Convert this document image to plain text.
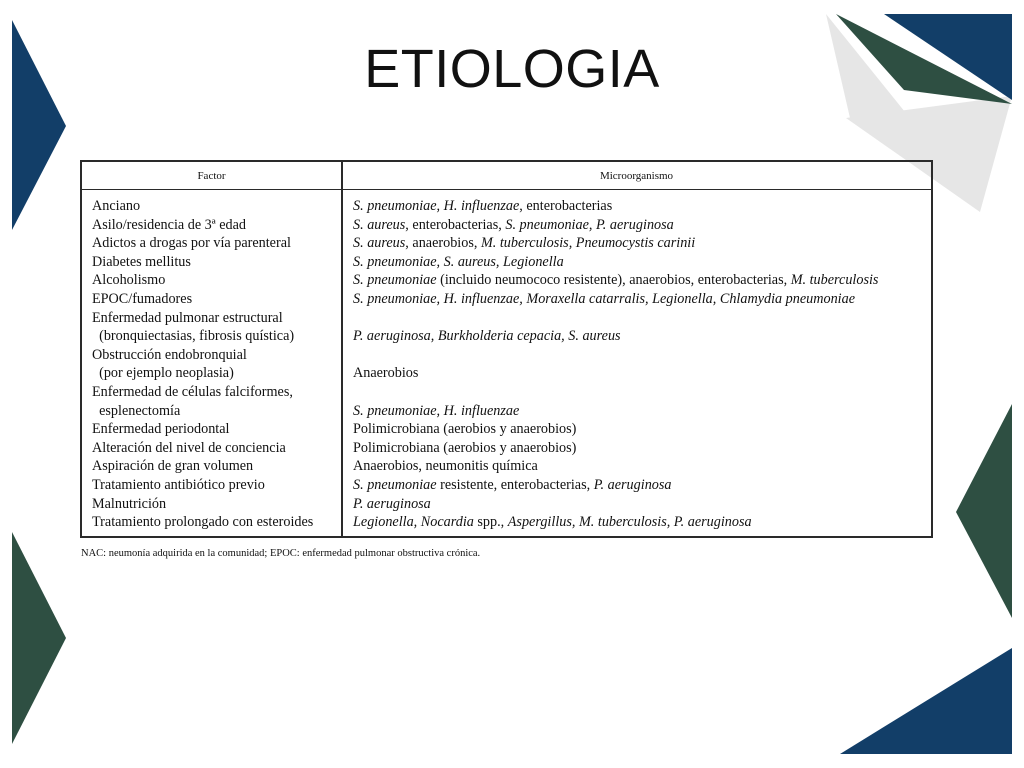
ETIOLOGIA
Factor	Microorganismo
Anciano	S. pneumoniae, H. influenzae, enterobacterias
Asilo/residencia de 3ª edad	S. aureus, enterobacterias, S. pneumoniae, P. aeruginosa
Adictos a drogas por vía parenteral	S. aureus, anaerobios, M. tuberculosis, Pneumocystis carinii
Diabetes mellitus	S. pneumoniae, S. aureus, Legionella
Alcoholismo	S. pneumoniae (incluido neumococo resistente), anaerobios, enterobacterias, M. tuberculosis
EPOC/fumadores	S. pneumoniae, H. influenzae, Moraxella catarralis, Legionella, Chlamydia pneumoniae
Enfermedad pulmonar estructural
(bronquiectasias, fibrosis quística)	P. aeruginosa, Burkholderia cepacia, S. aureus
Obstrucción endobronquial
(por ejemplo neoplasia)	Anaerobios
Enfermedad de células falciformes,
esplenectomía	S. pneumoniae, H. influenzae
Enfermedad periodontal	Polimicrobiana (aerobios y anaerobios)
Alteración del nivel de conciencia	Polimicrobiana (aerobios y anaerobios)
Aspiración de gran volumen	Anaerobios, neumonitis química
Tratamiento antibiótico previo	S. pneumoniae resistente, enterobacterias, P. aeruginosa
Malnutrición	P. aeruginosa
Tratamiento prolongado con esteroides	Legionella, Nocardia spp., Aspergillus, M. tuberculosis, P. aeruginosa
NAC: neumonía adquirida en la comunidad; EPOC: enfermedad pulmonar obstructiva crónica.
